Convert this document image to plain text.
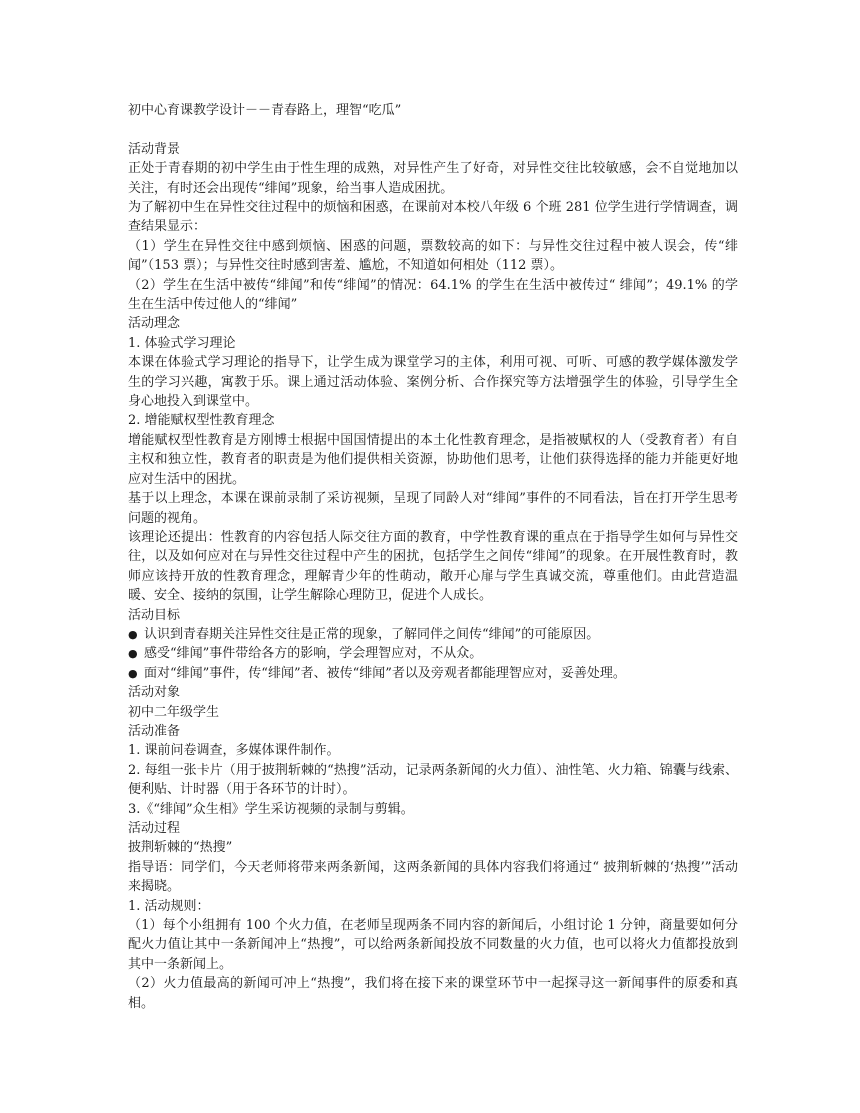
初中心育课教学设计－－青春路上，理智“吃瓜”

活动背景

正处于青春期的初中学生由于性生理的成熟，对异性产生了好奇，对异性交往比较敏感，会不自觉地加以关注，有时还会出现传“绯闻”现象，给当事人造成困扰。

为了解初中生在异性交往过程中的烦恼和困惑，在课前对本校八年级 6 个班 281 位学生进行学情调查，调查结果显示：

（1）学生在异性交往中感到烦恼、困惑的问题，票数较高的如下：与异性交往过程中被人误会，传“绯闻”（153 票）；与异性交往时感到害羞、尴尬，不知道如何相处（112 票）。

（2）学生在生活中被传“绯闻”和传“绯闻”的情况：64.1% 的学生在生活中被传过“ 绯闻”；49.1% 的学生在生活中传过他人的“绯闻”

活动理念

1. 体验式学习理论

本课在体验式学习理论的指导下，让学生成为课堂学习的主体，利用可视、可听、可感的教学媒体激发学生的学习兴趣，寓教于乐。课上通过活动体验、案例分析、合作探究等方法增强学生的体验，引导学生全身心地投入到课堂中。

2. 增能赋权型性教育理念

增能赋权型性教育是方刚博士根据中国国情提出的本土化性教育理念，是指被赋权的人（受教育者）有自主权和独立性，教育者的职责是为他们提供相关资源，协助他们思考，让他们获得选择的能力并能更好地应对生活中的困扰。

基于以上理念，本课在课前录制了采访视频，呈现了同龄人对“绯闻”事件的不同看法，旨在打开学生思考问题的视角。

该理论还提出：性教育的内容包括人际交往方面的教育，中学性教育课的重点在于指导学生如何与异性交往，以及如何应对在与异性交往过程中产生的困扰，包括学生之间传“绯闻”的现象。在开展性教育时，教师应该持开放的性教育理念，理解青少年的性萌动，敞开心扉与学生真诚交流，尊重他们。由此营造温暖、安全、接纳的氛围，让学生解除心理防卫，促进个人成长。

活动目标

● 认识到青春期关注异性交往是正常的现象，了解同伴之间传“绯闻”的可能原因。

● 感受“绯闻”事件带给各方的影响，学会理智应对，不从众。

● 面对“绯闻”事件，传“绯闻”者、被传“绯闻”者以及旁观者都能理智应对，妥善处理。

活动对象

初中二年级学生

活动准备

1. 课前问卷调查，多媒体课件制作。

2. 每组一张卡片（用于披荆斩棘的“热搜”活动，记录两条新闻的火力值）、油性笔、火力箱、锦囊与线索、便利贴、计时器（用于各环节的计时）。

3.《“绯闻”众生相》学生采访视频的录制与剪辑。

活动过程

披荆斩棘的“热搜”

指导语：同学们，今天老师将带来两条新闻，这两条新闻的具体内容我们将通过“ 披荆斩棘的‘热搜’”活动来揭晓。

1. 活动规则：

（1）每个小组拥有 100 个火力值，在老师呈现两条不同内容的新闻后，小组讨论 1 分钟，商量要如何分配火力值让其中一条新闻冲上“热搜”，可以给两条新闻投放不同数量的火力值，也可以将火力值都投放到其中一条新闻上。

（2）火力值最高的新闻可冲上“热搜”，我们将在接下来的课堂环节中一起探寻这一新闻事件的原委和真相。
